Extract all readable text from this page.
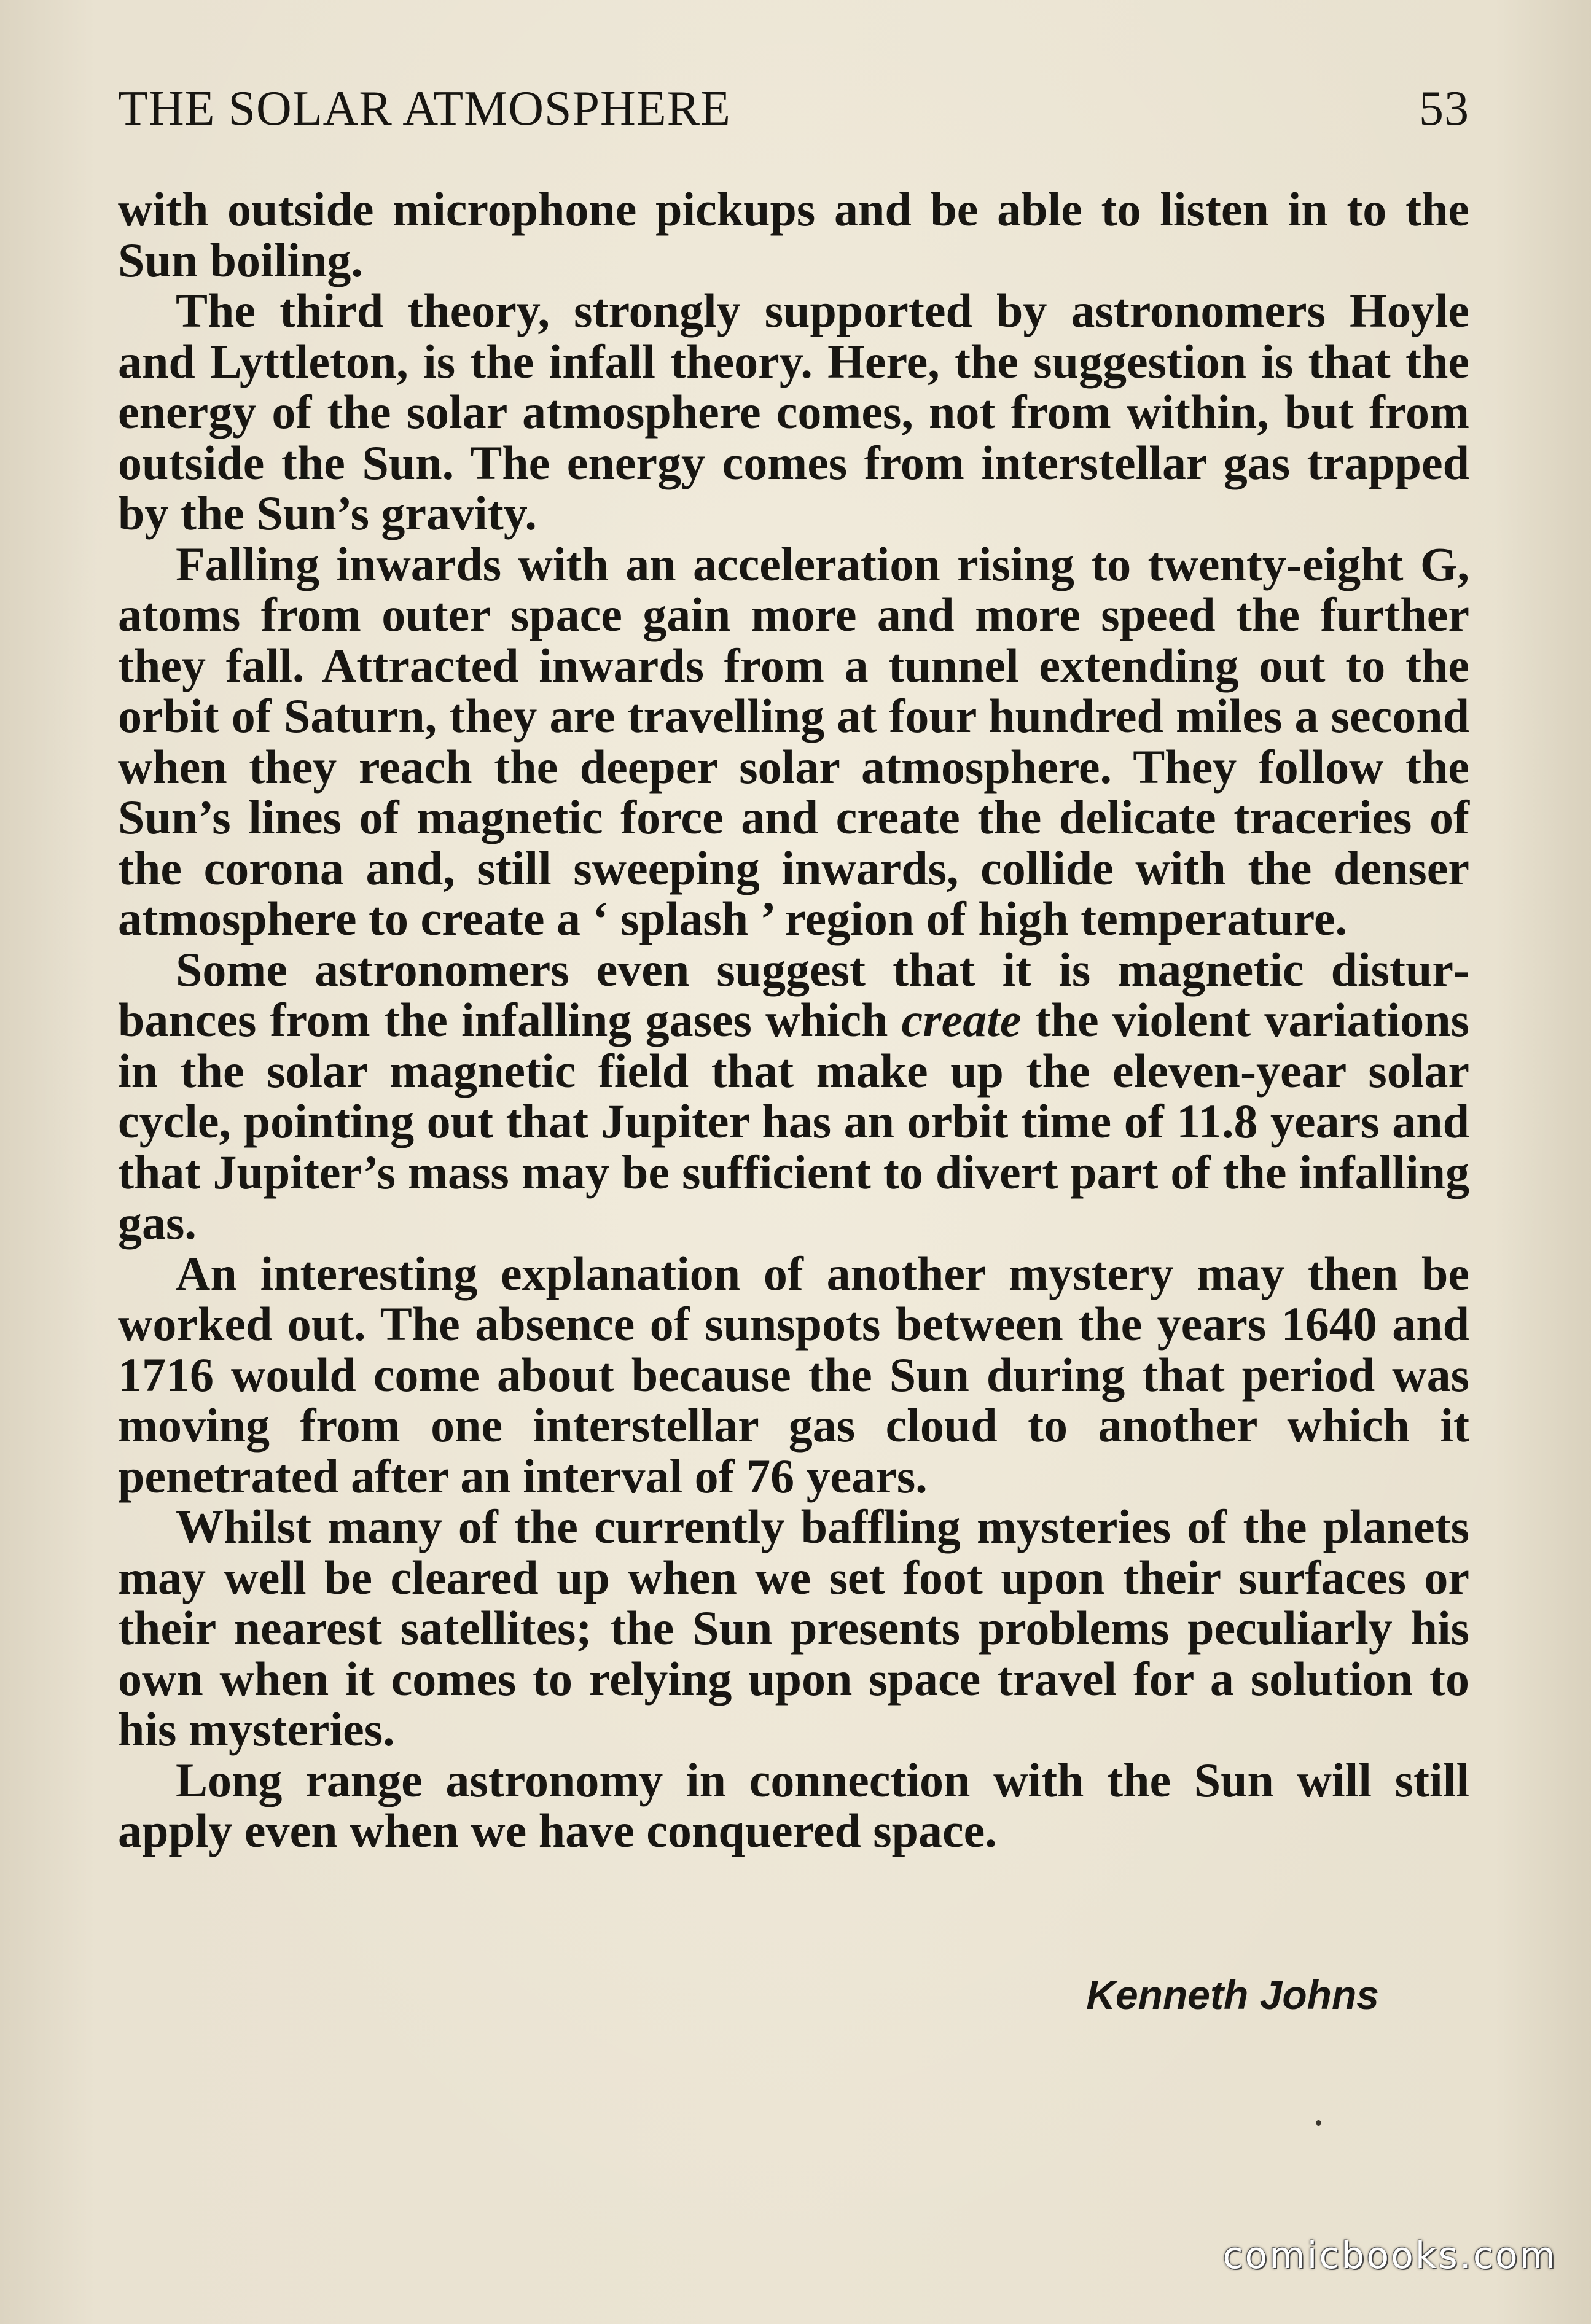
THE SOLAR ATMOSPHERE	53

with outside microphone pickups and be able to listen in to the Sun boiling.

The third theory, strongly supported by astronomers Hoyle and Lyttleton, is the infall theory. Here, the suggestion is that the energy of the solar atmosphere comes, not from within, but from outside the Sun. The energy comes from interstellar gas trapped by the Sun’s gravity.

Falling inwards with an acceleration rising to twenty-eight G, atoms from outer space gain more and more speed the further they fall. Attracted inwards from a tunnel extending out to the orbit of Saturn, they are travelling at four hundred miles a second when they reach the deeper solar atmosphere. They follow the Sun’s lines of magnetic force and create the delicate traceries of the corona and, still sweeping inwards, collide with the denser atmosphere to create a ‘ splash ’ region of high temperature.

Some astronomers even suggest that it is magnetic disturbances from the infalling gases which create the violent variations in the solar magnetic field that make up the eleven-year solar cycle, pointing out that Jupiter has an orbit time of 11.8 years and that Jupiter’s mass may be sufficient to divert part of the infalling gas.

An interesting explanation of another mystery may then be worked out. The absence of sunspots between the years 1640 and 1716 would come about because the Sun during that period was moving from one interstellar gas cloud to another which it penetrated after an interval of 76 years.

Whilst many of the currently baffling mysteries of the planets may well be cleared up when we set foot upon their surfaces or their nearest satellites; the Sun presents problems peculiarly his own when it comes to relying upon space travel for a solution to his mysteries.

Long range astronomy in connection with the Sun will still apply even when we have conquered space.

Kenneth Johns
comicbooks.com
